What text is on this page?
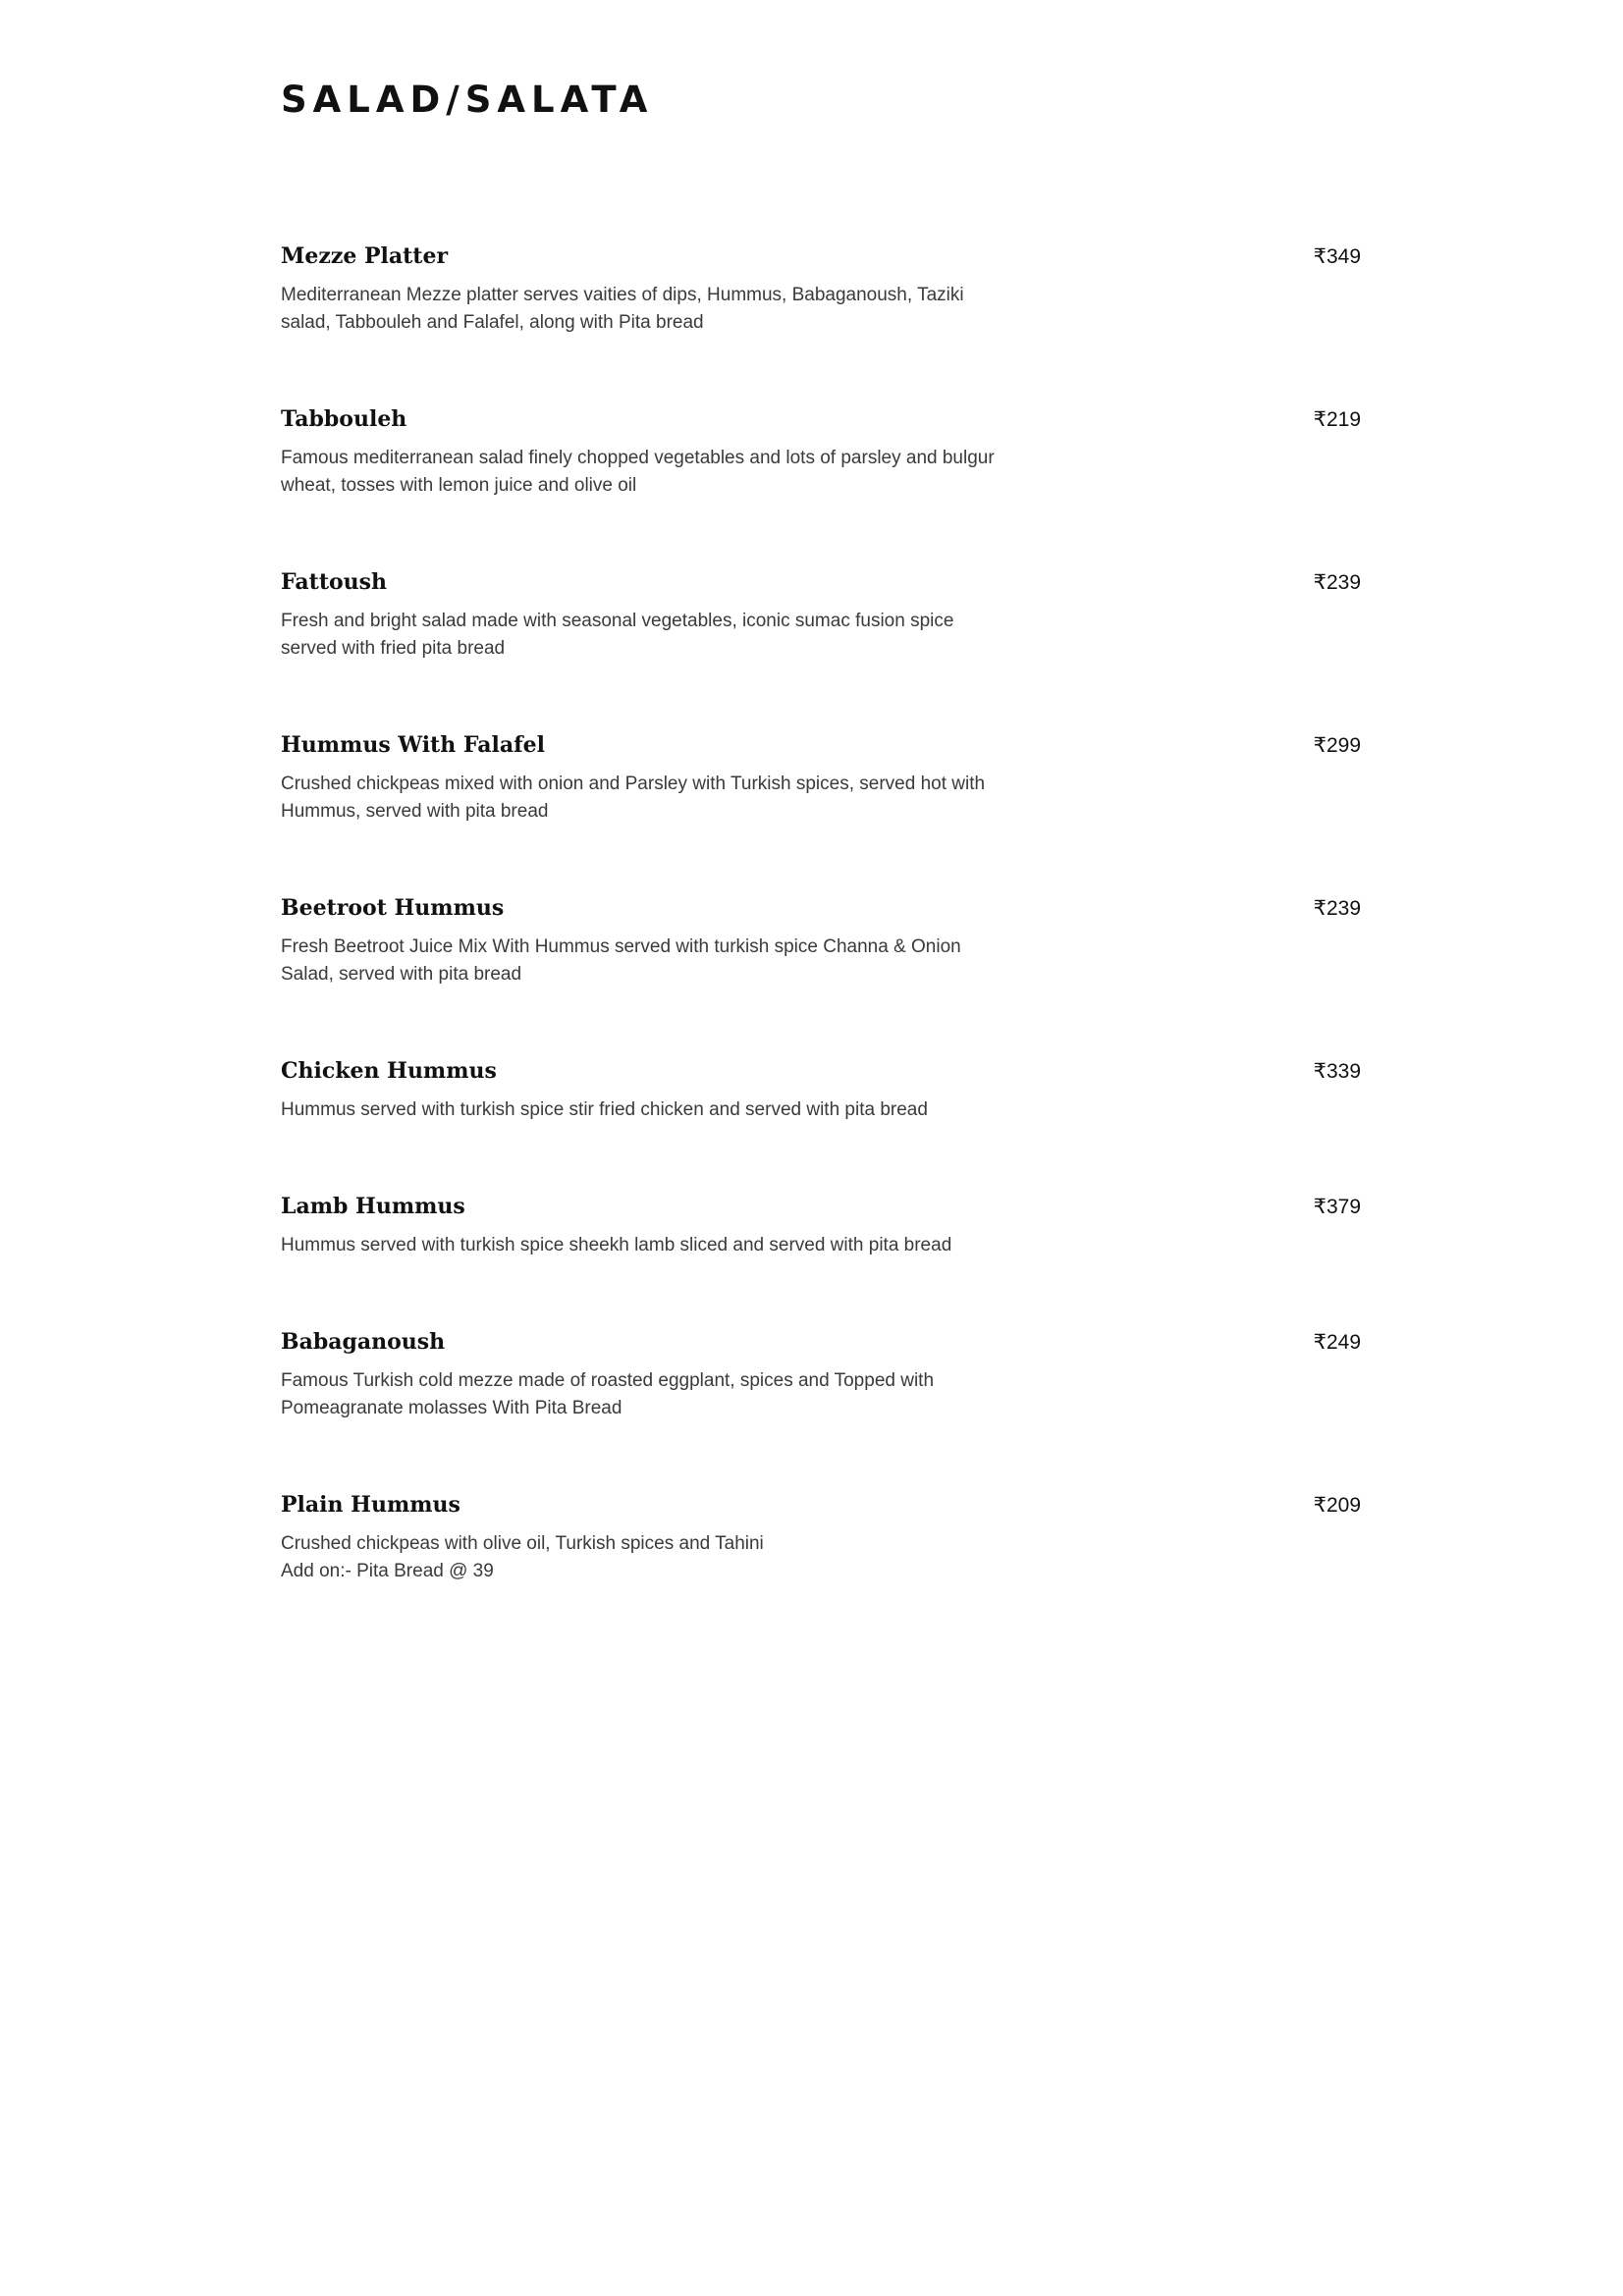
SALAD/SALATA
Mezze Platter	₹349
Mediterranean Mezze platter serves vaities of dips, Hummus, Babaganoush, Taziki
salad, Tabbouleh and Falafel, along with Pita bread
Tabbouleh	₹219
Famous mediterranean salad finely chopped vegetables and lots of parsley and bulgur
wheat, tosses with lemon juice and olive oil
Fattoush	₹239
Fresh and bright salad made with seasonal vegetables, iconic sumac fusion spice
served with fried pita bread
Hummus With Falafel	₹299
Crushed chickpeas mixed with onion and Parsley with Turkish spices, served hot with
Hummus, served with pita bread
Beetroot Hummus	₹239
Fresh Beetroot Juice Mix With Hummus served with turkish spice Channa & Onion
Salad, served with pita bread
Chicken Hummus	₹339
Hummus served with turkish spice stir fried chicken and served with pita bread
Lamb Hummus	₹379
Hummus served with turkish spice sheekh lamb sliced and served with pita bread
Babaganoush	₹249
Famous Turkish cold mezze made of roasted eggplant, spices and Topped with
Pomeagranate molasses With Pita Bread
Plain Hummus	₹209
Crushed chickpeas with olive oil, Turkish spices and Tahini
Add on:- Pita Bread @ 39
